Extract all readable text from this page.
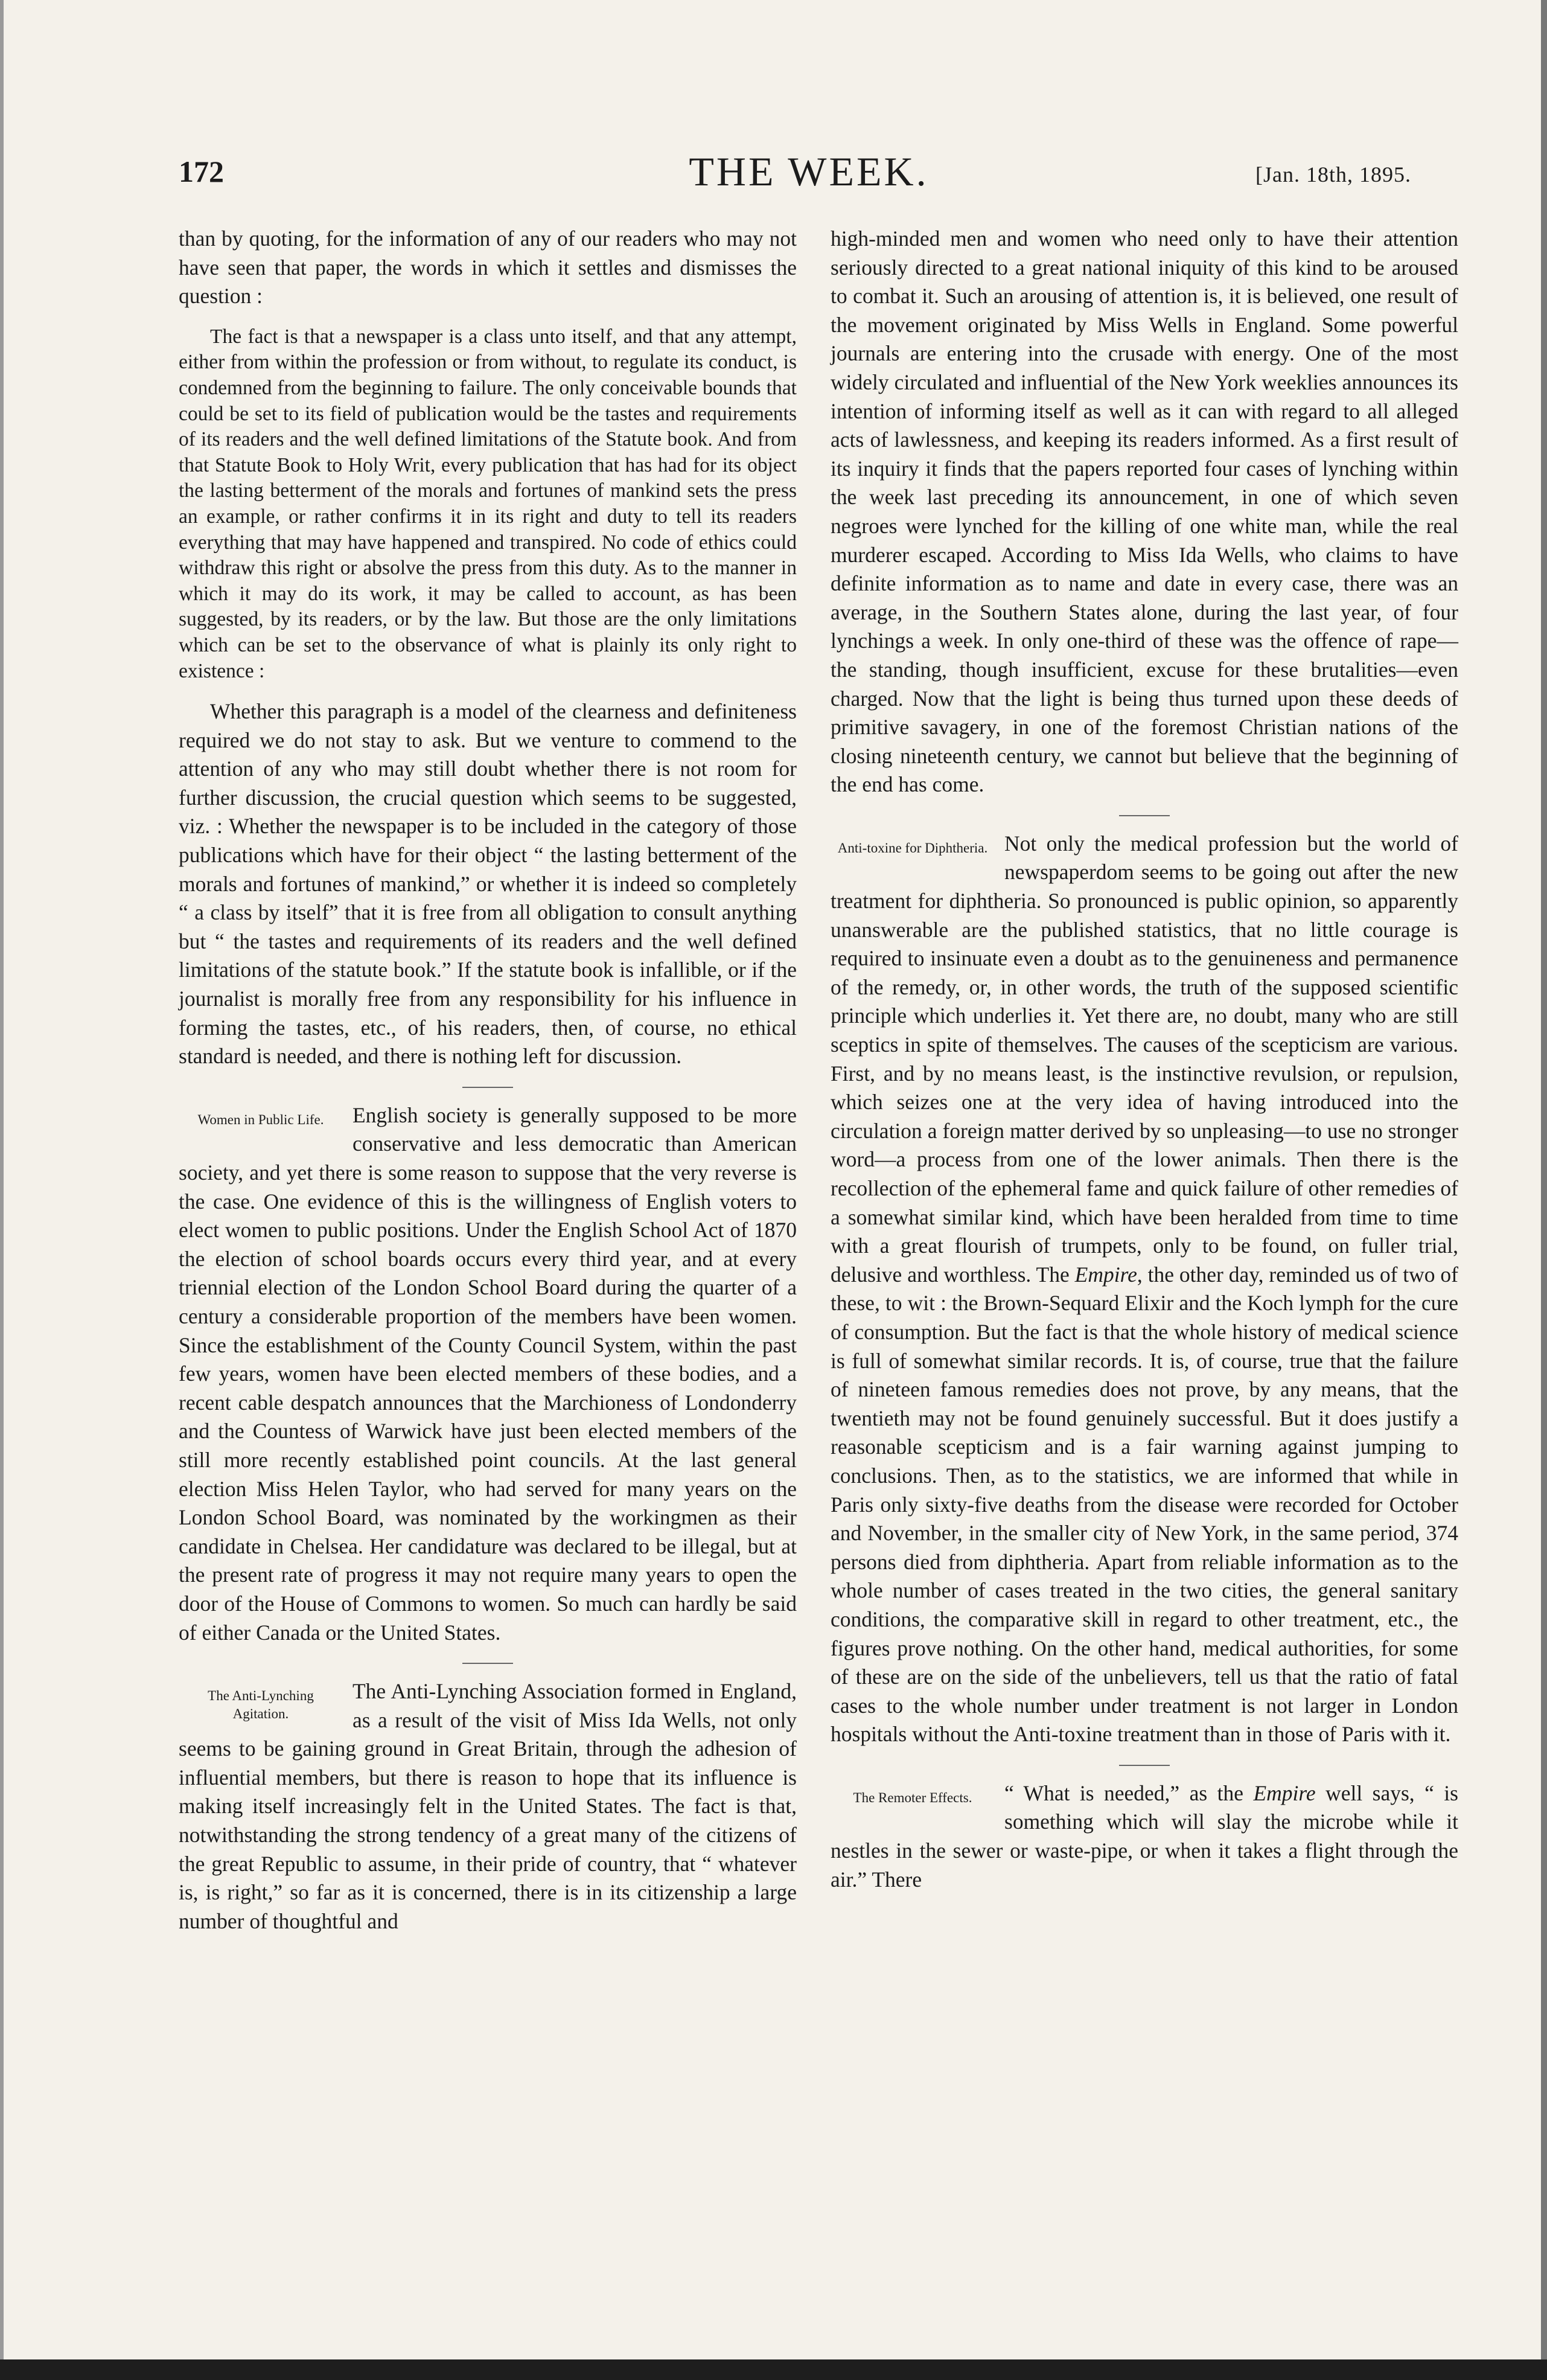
172	THE WEEK.	[Jan. 18th, 1895.

than by quoting, for the information of any of our readers who may not have seen that paper, the words in which it settles and dismisses the question :

The fact is that a newspaper is a class unto itself, and that any attempt, either from within the profession or from without, to regulate its conduct, is condemned from the beginning to failure. The only conceivable bounds that could be set to its field of publication would be the tastes and requirements of its readers and the well defined limitations of the Statute book. And from that Statute Book to Holy Writ, every publication that has had for its object the lasting betterment of the morals and fortunes of mankind sets the press an example, or rather confirms it in its right and duty to tell its readers everything that may have happened and transpired. No code of ethics could withdraw this right or absolve the press from this duty. As to the manner in which it may do its work, it may be called to account, as has been suggested, by its readers, or by the law. But those are the only limitations which can be set to the observance of what is plainly its only right to existence :

Whether this paragraph is a model of the clearness and definiteness required we do not stay to ask. But we venture to commend to the attention of any who may still doubt whether there is not room for further discussion, the crucial question which seems to be suggested, viz. : Whether the newspaper is to be included in the category of those publications which have for their object “ the lasting betterment of the morals and fortunes of mankind,” or whether it is indeed so completely “ a class by itself” that it is free from all obligation to consult anything but “ the tastes and requirements of its readers and the well defined limitations of the statute book.” If the statute book is infallible, or if the journalist is morally free from any responsibility for his influence in forming the tastes, etc., of his readers, then, of course, no ethical standard is needed, and there is nothing left for discussion.

Women in Public Life.	English society is generally supposed to be more conservative and less democratic than American society, and yet there is some reason to suppose that the very reverse is the case. One evidence of this is the willingness of English voters to elect women to public positions. Under the English School Act of 1870 the election of school boards occurs every third year, and at every triennial election of the London School Board during the quarter of a century a considerable proportion of the members have been women. Since the establishment of the County Council System, within the past few years, women have been elected members of these bodies, and a recent cable despatch announces that the Marchioness of Londonderry and the Countess of Warwick have just been elected members of the still more recently established point councils. At the last general election Miss Helen Taylor, who had served for many years on the London School Board, was nominated by the workingmen as their candidate in Chelsea. Her candidature was declared to be illegal, but at the present rate of progress it may not require many years to open the door of the House of Commons to women. So much can hardly be said of either Canada or the United States.

The Anti-Lynching Agitation.

The Anti-Lynching Association formed in England, as a result of the visit of Miss Ida Wells, not only seems to be gaining ground in Great Britain, through the adhesion of influential members, but there is reason to hope that its influence is making itself increasingly felt in the United States. The fact is that, notwithstanding the strong tendency of a great many of the citizens of the great Republic to assume, in their pride of country, that “ whatever is, is right,” so far as it is concerned, there is in its citizenship a large number of thoughtful and

high-minded men and women who need only to have their attention seriously directed to a great national iniquity of this kind to be aroused to combat it. Such an arousing of attention is, it is believed, one result of the movement originated by Miss Wells in England. Some powerful journals are entering into the crusade with energy. One of the most widely circulated and influential of the New York weeklies announces its intention of informing itself as well as it can with regard to all alleged acts of lawlessness, and keeping its readers informed. As a first result of its inquiry it finds that the papers reported four cases of lynching within the week last preceding its announcement, in one of which seven negroes were lynched for the killing of one white man, while the real murderer escaped. According to Miss Ida Wells, who claims to have definite information as to name and date in every case, there was an average, in the Southern States alone, during the last year, of four lynchings a week. In only one-third of these was the offence of rape—the standing, though insufficient, excuse for these brutalities—even charged. Now that the light is being thus turned upon these deeds of primitive savagery, in one of the foremost Christian nations of the closing nineteenth century, we cannot but believe that the beginning of the end has come.

Anti-toxine for Diphtheria. Not only the medical profession but the world of newspaperdom seems to be going out after the new treatment for diphtheria. So pronounced is public opinion, so apparently unanswerable are the published statistics, that no little courage is required to insinuate even a doubt as to the genuineness and permanence of the remedy, or, in other words, the truth of the supposed scientific principle which underlies it. Yet there are, no doubt, many who are still sceptics in spite of themselves. The causes of the scepticism are various. First, and by no means least, is the instinctive revulsion, or repulsion, which seizes one at the very idea of having introduced into the circulation a foreign matter derived by so unpleasing—to use no stronger word—a process from one of the lower animals. Then there is the recollection of the ephemeral fame and quick failure of other remedies of a somewhat similar kind, which have been heralded from time to time with a great flourish of trumpets, only to be found, on fuller trial, delusive and worthless. The Empire, the other day, reminded us of two of these, to wit : the Brown-Sequard Elixir and the Koch lymph for the cure of consumption. But the fact is that the whole history of medical science is full of somewhat similar records. It is, of course, true that the failure of nineteen famous remedies does not prove, by any means, that the twentieth may not be found genuinely successful. But it does justify a reasonable scepticism and is a fair warning against jumping to conclusions. Then, as to the statistics, we are informed that while in Paris only sixty-five deaths from the disease were recorded for October and November, in the smaller city of New York, in the same period, 374 persons died from diphtheria. Apart from reliable information as to the whole number of cases treated in the two cities, the general sanitary conditions, the comparative skill in regard to other treatment, etc., the figures prove nothing. On the other hand, medical authorities, for some of these are on the side of the unbelievers, tell us that the ratio of fatal cases to the whole number under treatment is not larger in London hospitals without the Anti-toxine treatment than in those of Paris with it.

The Remoter Effects.	“ What is needed,” as the Empire well says, “ is something which will slay the microbe while it nestles in the sewer or waste-pipe, or when it takes a flight through the air.” There
